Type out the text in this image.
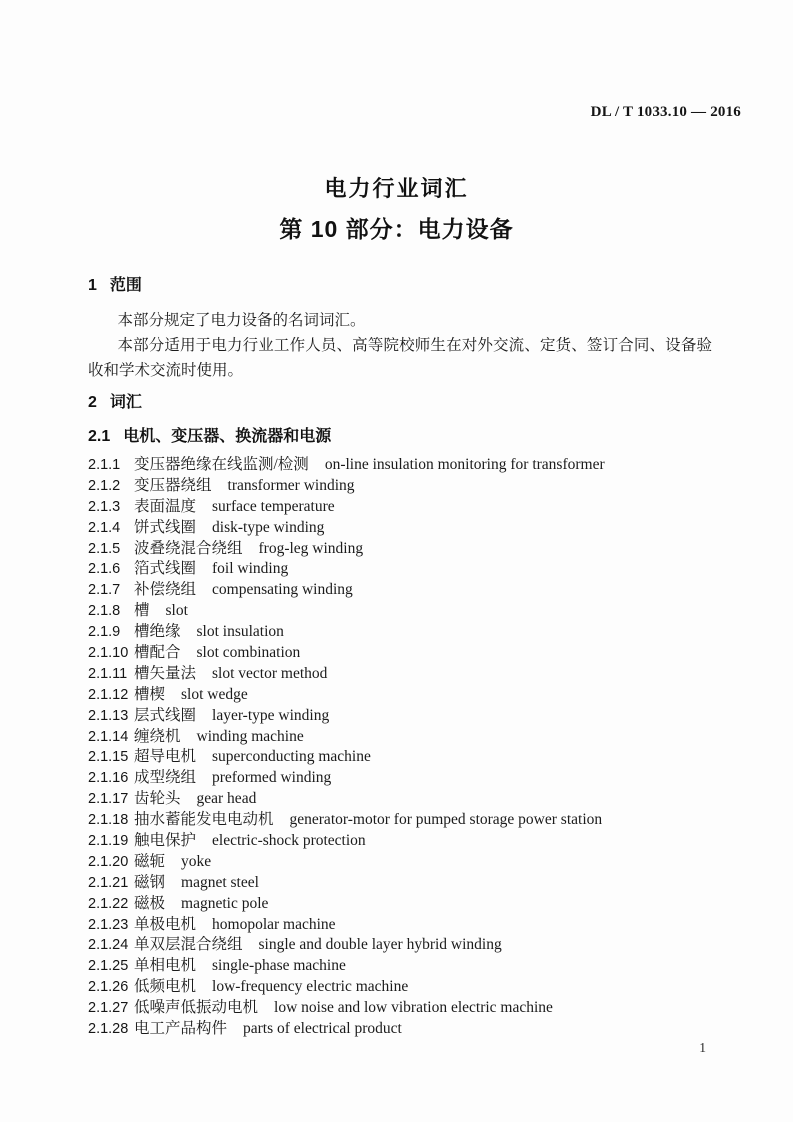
DL / T 1033.10 — 2016
电力行业词汇
第 10 部分：电力设备
1 范围

本部分规定了电力设备的名词词汇。

本部分适用于电力行业工作人员、高等院校师生在对外交流、定货、签订合同、设备验收和学术交流时使用。

2 词汇
2.1 电机、变压器、换流器和电源
2.1.1 变压器绝缘在线监测/检测 on-line insulation monitoring for transformer
2.1.2 变压器绕组 transformer winding
2.1.3 表面温度 surface temperature
2.1.4 饼式线圈 disk-type winding
2.1.5 波叠绕混合绕组 frog-leg winding
2.1.6 箔式线圈 foil winding
2.1.7 补偿绕组 compensating winding
2.1.8 槽 slot
2.1.9 槽绝缘 slot insulation
2.1.10 槽配合 slot combination
2.1.11 槽矢量法 slot vector method
2.1.12 槽楔 slot wedge
2.1.13 层式线圈 layer-type winding
2.1.14 缠绕机 winding machine
2.1.15 超导电机 superconducting machine
2.1.16 成型绕组 preformed winding
2.1.17 齿轮头 gear head
2.1.18 抽水蓄能发电电动机 generator-motor for pumped storage power station
2.1.19 触电保护 electric-shock protection
2.1.20 磁轭 yoke
2.1.21 磁钢 magnet steel
2.1.22 磁极 magnetic pole
2.1.23 单极电机 homopolar machine
2.1.24 单双层混合绕组 single and double layer hybrid winding
2.1.25 单相电机 single-phase machine
2.1.26 低频电机 low-frequency electric machine
2.1.27 低噪声低振动电机 low noise and low vibration electric machine
2.1.28 电工产品构件 parts of electrical product
1
